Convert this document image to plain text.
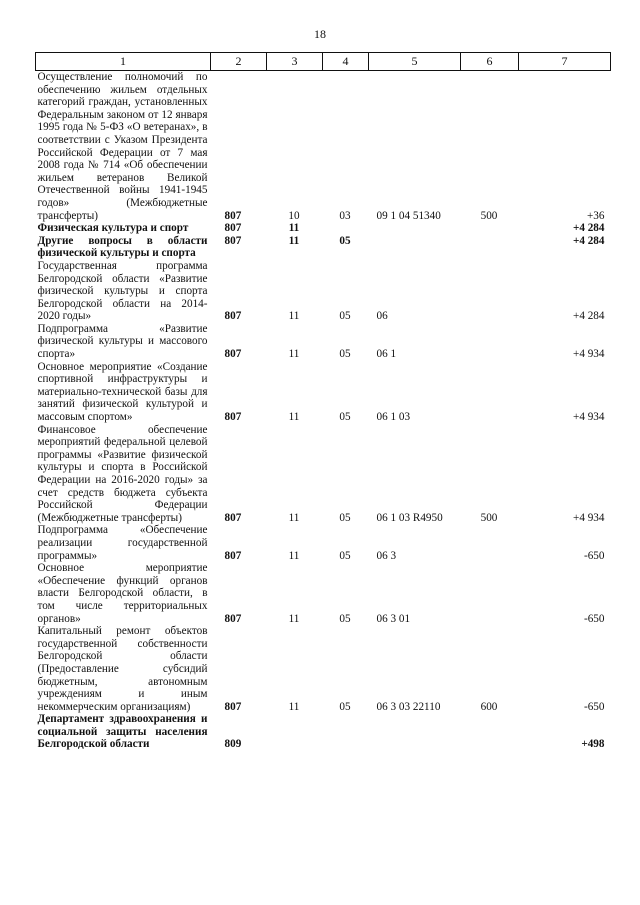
18
1	2	3	4	5	6	7
Осуществление полномочий по обеспечению жильем отдельных категорий граждан, установленных Федеральным законом от 12 января 1995 года № 5-ФЗ «О ветеранах», в соответствии с Указом Президента Российской Федерации от 7 мая 2008 года № 714 «Об обеспечении жильем ветеранов Великой Отечественной войны 1941-1945 годов» (Межбюджетные трансферты)	807	10	03	09 1 04 51340	500	+36
Физическая культура и спорт	807	11				+4 284
Другие вопросы в области физической культуры и спорта	807	11	05			+4 284
Государственная программа Белгородской области «Развитие физической культуры и спорта Белгородской области на 2014-2020 годы»	807	11	05	06		+4 284
Подпрограмма «Развитие физической культуры и массового спорта»	807	11	05	06 1		+4 934
Основное мероприятие «Создание спортивной инфраструктуры и материально-технической базы для занятий физической культурой и массовым спортом»	807	11	05	06 1 03		+4 934
Финансовое обеспечение мероприятий федеральной целевой программы «Развитие физической культуры и спорта в Российской Федерации на 2016-2020 годы» за счет средств бюджета субъекта Российской Федерации (Межбюджетные трансферты)	807	11	05	06 1 03 R4950	500	+4 934
Подпрограмма «Обеспечение реализации государственной программы»	807	11	05	06 3		-650
Основное мероприятие «Обеспечение функций органов власти Белгородской области, в том числе территориальных органов»	807	11	05	06 3 01		-650
Капитальный ремонт объектов государственной собственности Белгородской области (Предоставление субсидий бюджетным, автономным учреждениям и иным некоммерческим организациям)	807	11	05	06 3 03 22110	600	-650
Департамент здравоохранения и социальной защиты населения Белгородской области	809					+498
